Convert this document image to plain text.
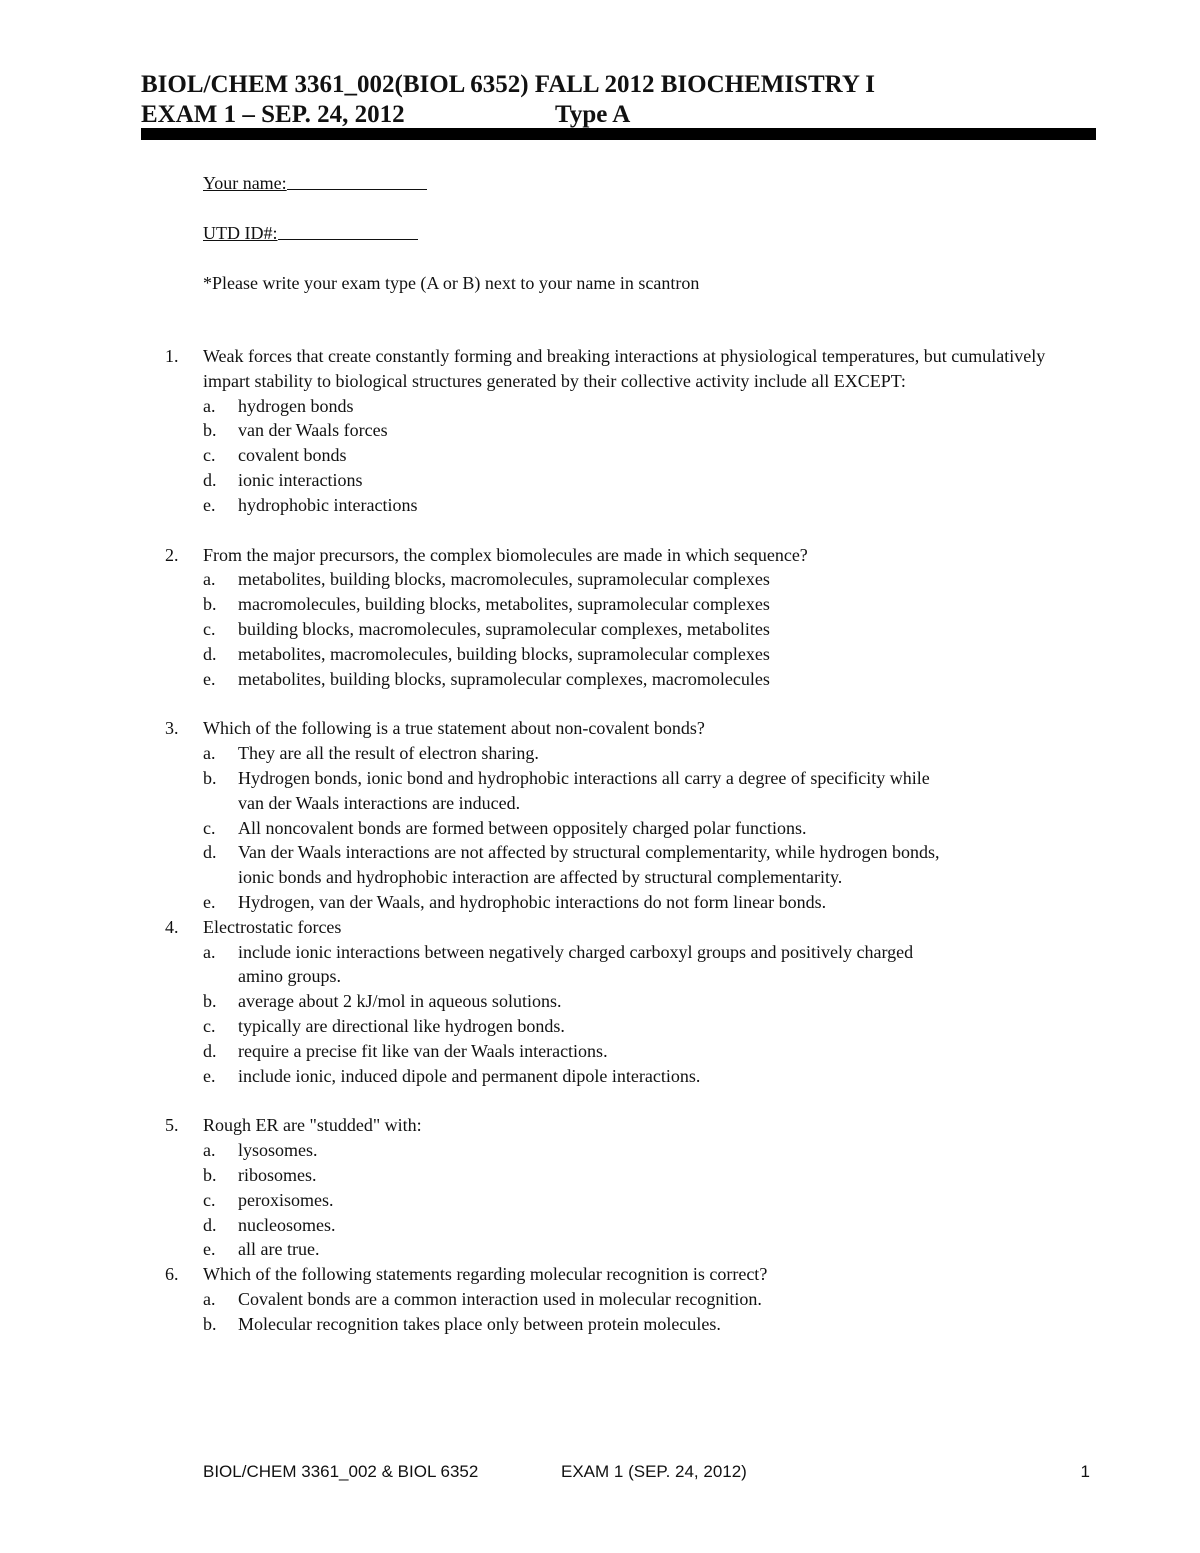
BIOL/CHEM 3361_002(BIOL 6352) FALL 2012 BIOCHEMISTRY I
EXAM 1 – SEP. 24, 2012	Type A
Your name:
UTD ID#:
*Please write your exam type (A or B) next to your name in scantron
1.	Weak forces that create constantly forming and breaking interactions at physiological temperatures, but cumulatively impart stability to biological structures generated by their collective activity include all EXCEPT:
a. hydrogen bonds
b. van der Waals forces
c. covalent bonds
d. ionic interactions
e. hydrophobic interactions
2.	From the major precursors, the complex biomolecules are made in which sequence?
a. metabolites, building blocks, macromolecules, supramolecular complexes
b. macromolecules, building blocks, metabolites, supramolecular complexes
c. building blocks, macromolecules, supramolecular complexes, metabolites
d. metabolites, macromolecules, building blocks, supramolecular complexes
e. metabolites, building blocks, supramolecular complexes, macromolecules
3.	Which of the following is a true statement about non-covalent bonds?
a. They are all the result of electron sharing.
b. Hydrogen bonds, ionic bond and hydrophobic interactions all carry a degree of specificity while van der Waals interactions are induced.
c. All noncovalent bonds are formed between oppositely charged polar functions.
d. Van der Waals interactions are not affected by structural complementarity, while hydrogen bonds, ionic bonds and hydrophobic interaction are affected by structural complementarity.
e. Hydrogen, van der Waals, and hydrophobic interactions do not form linear bonds.
4.	Electrostatic forces
a. include ionic interactions between negatively charged carboxyl groups and positively charged amino groups.
b. average about 2 kJ/mol in aqueous solutions.
c. typically are directional like hydrogen bonds.
d. require a precise fit like van der Waals interactions.
e. include ionic, induced dipole and permanent dipole interactions.
5.	Rough ER are "studded" with:
a. lysosomes.
b. ribosomes.
c. peroxisomes.
d. nucleosomes.
e. all are true.
6.	Which of the following statements regarding molecular recognition is correct?
a. Covalent bonds are a common interaction used in molecular recognition.
b. Molecular recognition takes place only between protein molecules.
BIOL/CHEM 3361_002 & BIOL 6352	EXAM 1 (SEP. 24, 2012)	1
